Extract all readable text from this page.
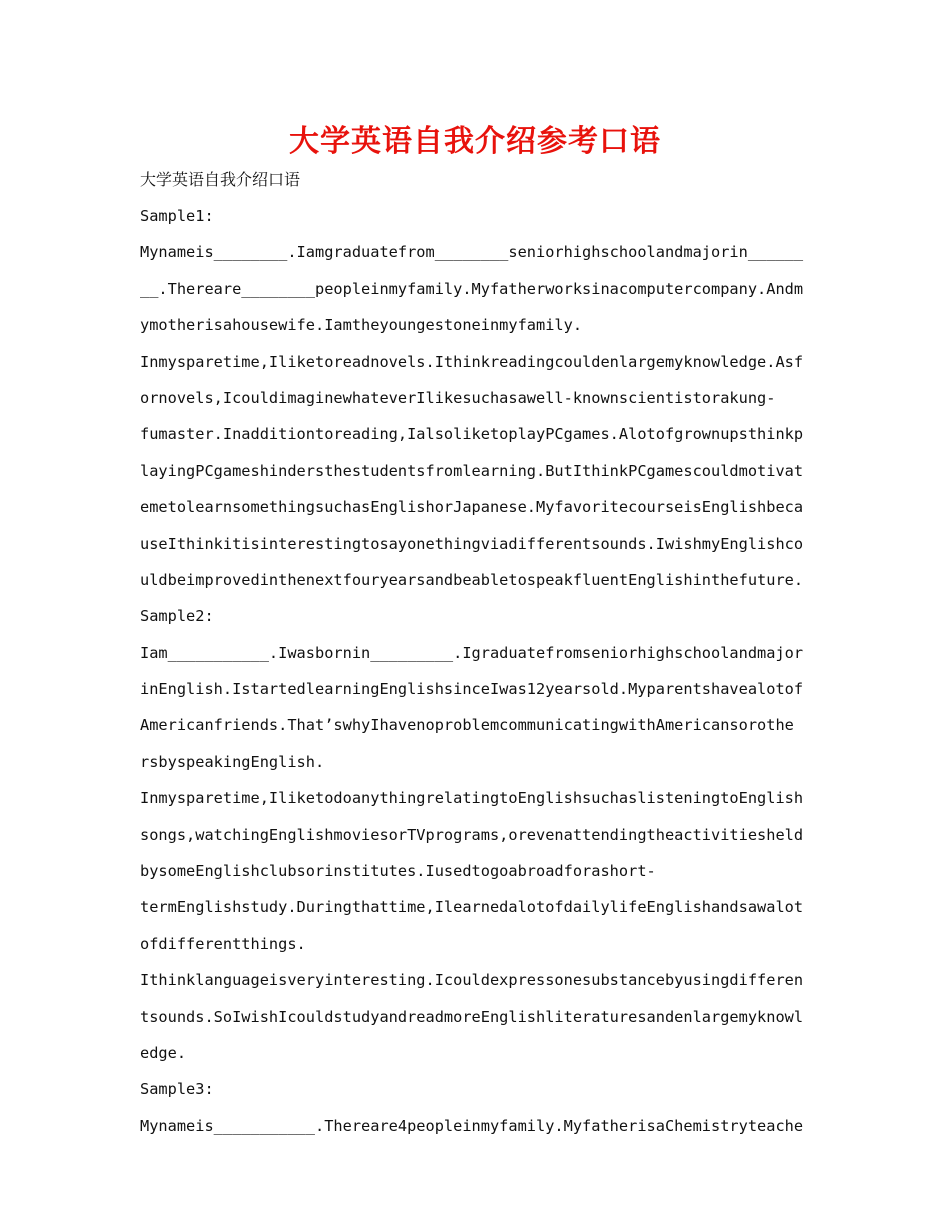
大学英语自我介绍参考口语
大学英语自我介绍口语
Sample1:
Mynameis________.Iamgraduatefrom________seniorhighschoolandmajorin______
__.Thereare________peopleinmyfamily.Myfatherworksinacomputercompany.Andm
ymotherisahousewife.Iamtheyoungestoneinmyfamily.
Inmysparetime,Iliketoreadnovels.Ithinkreadingcouldenlargemyknowledge.Asf
ornovels,IcouldimaginewhateverIlikesuchasawell-knownscientistorakung-
fumaster.Inadditiontoreading,IalsoliketoplayPCgames.Alotofgrownupsthinkp
layingPCgameshindersthestudentsfromlearning.ButIthinkPCgamescouldmotivat
emetolearnsomethingsuchasEnglishorJapanese.MyfavoritecourseisEnglishbeca
useIthinkitisinterestingtosayonethingviadifferentsounds.IwishmyEnglishco
uldbeimprovedinthenextfouryearsandbeabletospeakfluentEnglishinthefuture.
Sample2:
Iam___________.Iwasbornin_________.Igraduatefromseniorhighschoolandmajor
inEnglish.IstartedlearningEnglishsinceIwas12yearsold.Myparentshavealotof
Americanfriends.That’swhyIhavenoproblemcommunicatingwithAmericansorothe
rsbyspeakingEnglish.
Inmysparetime,IliketodoanythingrelatingtoEnglishsuchaslisteningtoEnglish
songs,watchingEnglishmoviesorTVprograms,orevenattendingtheactivitiesheld
bysomeEnglishclubsorinstitutes.Iusedtogoabroadforashort-
termEnglishstudy.Duringthattime,IlearnedalotofdailylifeEnglishandsawalot
ofdifferentthings.
Ithinklanguageisveryinteresting.Icouldexpressonesubstancebyusingdifferen
tsounds.SoIwishIcouldstudyandreadmoreEnglishliteraturesandenlargemyknowl
edge.
Sample3:
Mynameis___________.Thereare4peopleinmyfamily.MyfatherisaChemistryteache
